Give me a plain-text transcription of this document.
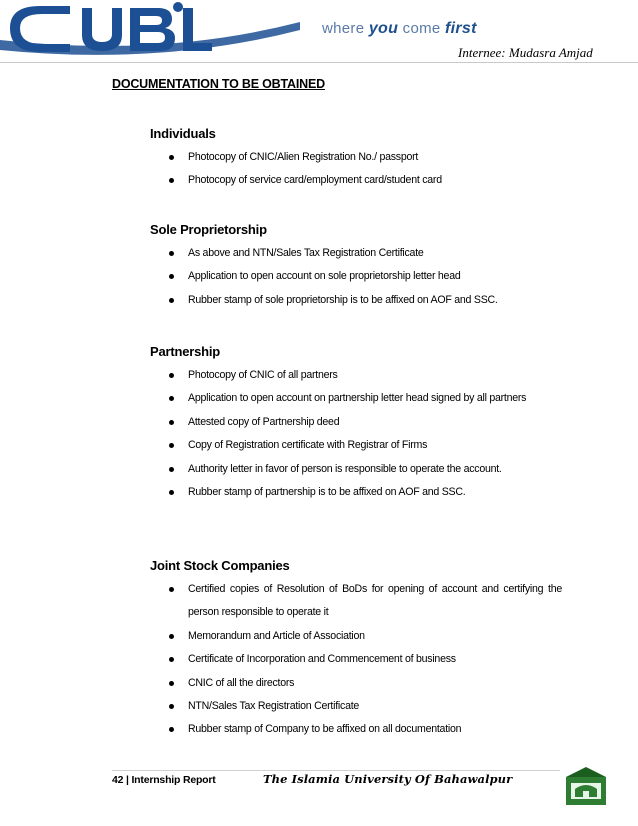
where you come first
Internee: Mudasra Amjad
DOCUMENTATION TO BE OBTAINED
Individuals
Photocopy of CNIC/Alien Registration No./ passport
Photocopy of service card/employment card/student card
Sole Proprietorship
As above and NTN/Sales Tax Registration Certificate
Application to open account on sole proprietorship letter head
Rubber stamp of sole proprietorship is to be affixed on AOF and SSC.
Partnership
Photocopy of CNIC of all partners
Application to open account on partnership letter head signed by all partners
Attested copy of Partnership deed
Copy of Registration certificate with Registrar of Firms
Authority letter in favor of person is responsible to operate the account.
Rubber stamp of partnership is to be affixed on AOF and SSC.
Joint Stock Companies
Certified copies of Resolution of BoDs for opening of account and certifying the person responsible to operate it
Memorandum and Article of Association
Certificate of Incorporation and Commencement of business
CNIC of all the directors
NTN/Sales Tax Registration Certificate
Rubber stamp of Company to be affixed on all documentation
42 | Internship Report	The Islamia University Of Bahawalpur
